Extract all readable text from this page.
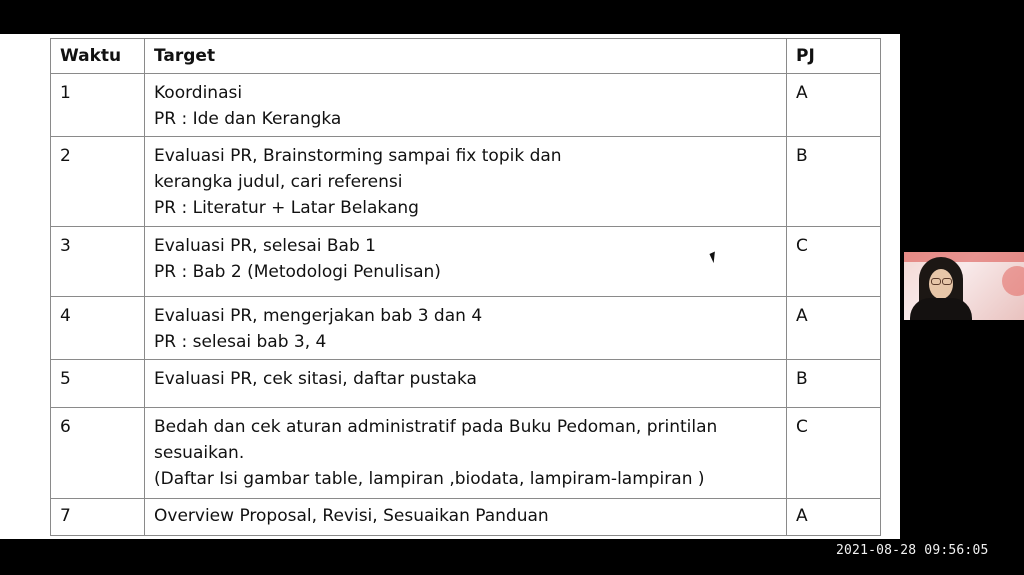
Waktu	Target	PJ
1	Koordinasi
PR : Ide dan Kerangka	A
2	Evaluasi PR, Brainstorming sampai fix topik dan
kerangka judul, cari referensi
PR : Literatur + Latar Belakang	B
3	Evaluasi PR, selesai Bab 1
PR : Bab 2 (Metodologi Penulisan)	C
4	Evaluasi PR, mengerjakan bab 3 dan 4
PR : selesai bab 3, 4	A
5	Evaluasi PR, cek sitasi, daftar pustaka	B
6	Bedah dan cek aturan administratif pada Buku Pedoman, printilan
sesuaikan.
(Daftar Isi gambar table, lampiran ,biodata, lampiram-lampiran )	C
7	Overview Proposal, Revisi, Sesuaikan Panduan	A
2021-08-28 09:56:05
